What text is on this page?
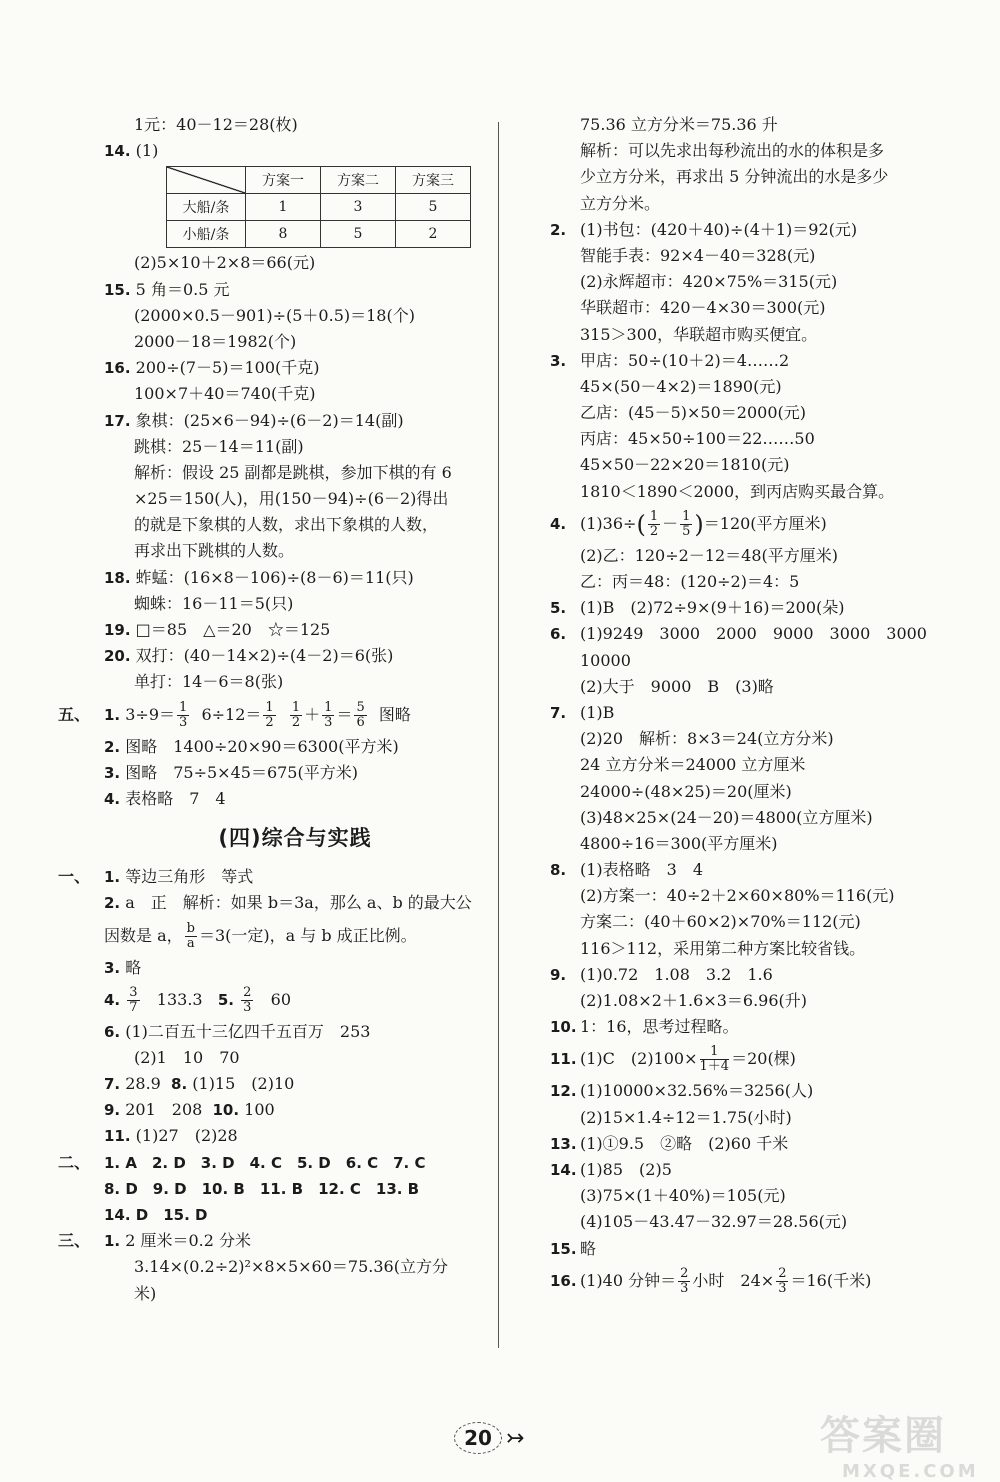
1元：40－12＝28(枚)
14. (1)
	方案一	方案二	方案三
大船/条	1	3	5
小船/条	8	5	2
(2)5×10＋2×8＝66(元)
15. 5 角＝0.5 元
(2000×0.5－901)÷(5＋0.5)＝18(个)
2000－18＝1982(个)
16. 200÷(7－5)＝100(千克)
100×7＋40＝740(千克)
17. 象棋：(25×6－94)÷(6－2)＝14(副)
跳棋：25－14＝11(副)
解析：假设 25 副都是跳棋，参加下棋的有 6
×25＝150(人)，用(150－94)÷(6－2)得出
的就是下象棋的人数，求出下象棋的人数，
再求出下跳棋的人数。
18. 蚱蜢：(16×8－106)÷(8－6)＝11(只)
蜘蛛：16－11＝5(只)
19. □＝85　△＝20　☆＝125
20. 双打：(40－14×2)÷(4－2)＝6(张)
单打：14－6＝8(张)
五、 1. $3\div 9= \frac{1}{3} 6\div 12= \frac{1}{2}$
$\frac{1}{2} + \frac{1}{3} = \frac{5}{6}$ 图略
2. 图略　1400÷20×90＝6300(平方米)
3. 图略　75÷5×45＝675(平方米)
4. 表格略　7　4
(四)综合与实践
一、 1. 等边三角形　等式
2. a　正　解析：如果 b＝3a，那么 a、b 的最大公
因数是 a， $\frac{b}{a} =3$(一定)，a 与 b 成正比例。
3. 略
4. $\frac{3}{7} 133.3$ 5. $\frac{2}{3} 60$
6. (1)二百五十三亿四千五百万　253
(2)1　10　70
7. 28.9 8. (1)15　(2)10
9. 201　208 10. 100
11. (1)27　(2)28
二、 1. A　2. D　3. D　4. C　5. D　6. C　7. C
8. D　9. D　10. B　11. B　12. C　13. B
14. D　15. D
三、 1. 2 厘米＝0.2 分米
3.14×(0.2÷2)²×8×5×60＝75.36(立方分
米)
75.36 立方分米＝75.36 升
解析：可以先求出每秒流出的水的体积是多
少立方分米，再求出 5 分钟流出的水是多少
立方分米。
2. (1)书包：(420＋40)÷(4＋1)＝92(元)
智能手表：92×4－40＝328(元)
(2)永辉超市：420×75%＝315(元)
华联超市：420－4×30＝300(元)
315＞300，华联超市购买便宜。
3. 甲店：50÷(10＋2)＝4……2
45×(50－4×2)＝1890(元)
乙店：(45－5)×50＝2000(元)
丙店：45×50÷100＝22……50
45×50－22×20＝1810(元)
1810＜1890＜2000，到丙店购买最合算。
4. $(1)36\div( \frac{1}{2} - \frac{1}{5} )=120$(平方厘米)
(2)乙：120÷2－12＝48(平方厘米)
乙：丙＝48：(120÷2)＝4：5
5. (1)B　(2)72÷9×(9＋16)＝200(朵)
6. (1)9249　3000　2000　9000　3000　3000
10000
(2)大于　9000　B　(3)略
7. (1)B
(2)20　解析：8×3＝24(立方分米)
24 立方分米＝24000 立方厘米
24000÷(48×25)＝20(厘米)
(3)48×25×(24－20)＝4800(立方厘米)
4800÷16＝300(平方厘米)
8. (1)表格略　3　4
(2)方案一：40÷2＋2×60×80%＝116(元)
方案二：(40＋60×2)×70%＝112(元)
116＞112，采用第二种方案比较省钱。
9. (1)0.72　1.08　3.2　1.6
(2)1.08×2＋1.6×3＝6.96(升)
10. 1：16，思考过程略。
11. (1)C　$(2)100\times \frac{1}{1+4} =20$(棵)
12. (1)10000×32.56%＝3256(人)
(2)15×1.4÷12＝1.75(小时)
13. (1)①9.5　②略　(2)60 千米
14. (1)85　(2)5
(3)75×(1＋40%)＝105(元)
(4)105－43.47－32.97＝28.56(元)
15. 略
16. (1)40 分钟＝ $\frac{2}{3}$ 小时　$24\times \frac{2}{3} =16$(千米)
20 ↣	答案圈
MXQE.COM
